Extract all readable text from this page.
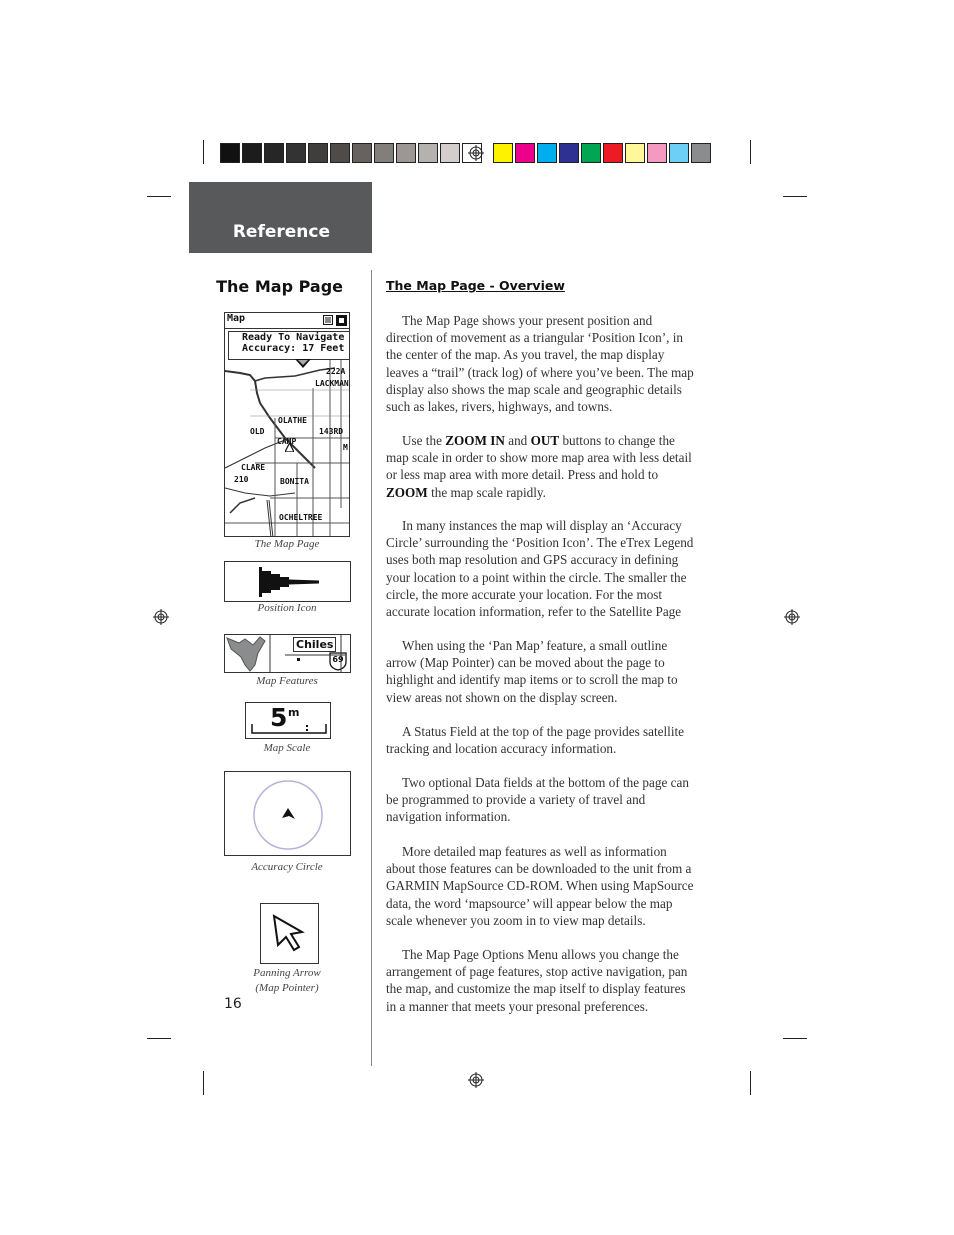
Reference
The Map Page
Map
Ready To Navigate
Accuracy: 17 Feet
222A
LACKMAN
OLATHE
143RD
OLD
CAMP
CLARE
210	BONITA
OCHELTREE
M
The Map Page
Position Icon
Chiles
69
Map Features
5 m
Map Scale
Accuracy Circle
Panning Arrow
(Map Pointer)
16
The Map Page - Overview

The Map Page shows your present position and direction of movement as a triangular ‘Position Icon’, in the center of the map. As you travel, the map display leaves a “trail” (track log) of where you’ve been. The map display also shows the map scale and geographic details such as lakes, rivers, highways, and towns.

Use the ZOOM IN and OUT buttons to change the map scale in order to show more map area with less detail or less map area with more detail. Press and hold to ZOOM the map scale rapidly.

In many instances the map will display an ‘Accuracy Circle’ surrounding the ‘Position Icon’. The eTrex Legend uses both map resolution and GPS accuracy in defining your location to a point within the circle. The smaller the circle, the more accurate your location. For the most accurate location information, refer to the Satellite Page

When using the ‘Pan Map’ feature, a small outline arrow (Map Pointer) can be moved about the page to highlight and identify map items or to scroll the map to view areas not shown on the display screen.

A Status Field at the top of the page provides satellite tracking and location accuracy information.

Two optional Data fields at the bottom of the page can be programmed to provide a variety of travel and navigation information.

More detailed map features as well as information about those features can be downloaded to the unit from a GARMIN MapSource CD-ROM. When using MapSource data, the word ‘mapsource’ will appear below the map scale whenever you zoom in to view map details.

The Map Page Options Menu allows you change the arrangement of page features, stop active navigation, pan the map, and customize the map itself to display features in a manner that meets your presonal preferences.
